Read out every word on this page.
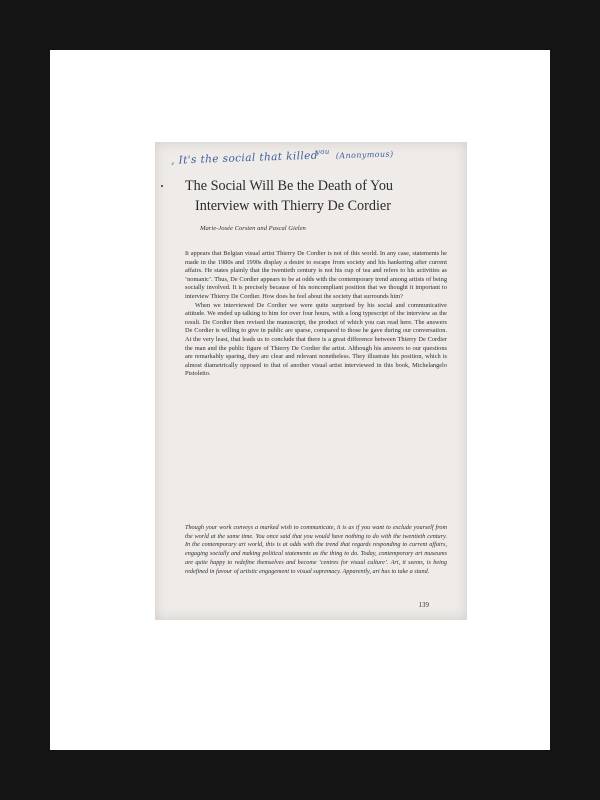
, It's the social that killed$^{you}$ (Anonymous)
The Social Will Be the Death of You
Interview with Thierry De Cordier
Marie-Josée Corsten and Pascal Gielen

It appears that Belgian visual artist Thierry De Cordier is not of this world. In any case, statements he made in the 1980s and 1990s display a desire to escape from society and his hankering after current affairs. He states plainly that the twentieth century is not his cup of tea and refers to his activities as ‘nomanic’. Thus, De Cordier appears to be at odds with the contemporary trend among artists of being socially involved. It is precisely because of his noncompliant position that we thought it important to interview Thierry De Cordier. How does he feel about the society that surrounds him?

When we interviewed De Cordier we were quite surprised by his social and communicative attitude. We ended up talking to him for over four hours, with a long typescript of the interview as the result. De Cordier then revised the manuscript, the product of which you can read here. The answers De Cordier is willing to give in public are sparse, compared to those he gave during our conversation. At the very least, that leads us to conclude that there is a great difference between Thierry De Cordier the man and the public figure of Thierry De Cordier the artist. Although his answers to our questions are remarkably sparing, they are clear and relevant nonetheless. They illustrate his position, which is almost diametrically opposed to that of another visual artist interviewed in this book, Michelangelo Pistoletto.

Though your work conveys a marked wish to communicate, it is as if you want to exclude yourself from the world at the same time. You once said that you would have nothing to do with the twentieth century. In the contemporary art world, this is at odds with the trend that regards responding to current affairs, engaging socially and making political statements as the thing to do. Today, contemporary art museums are quite happy to redefine themselves and become ‘centres for visual culture’. Art, it seems, is being redefined in favour of artistic engagement to visual supremacy. Apparently, art has to take a stand.
139
